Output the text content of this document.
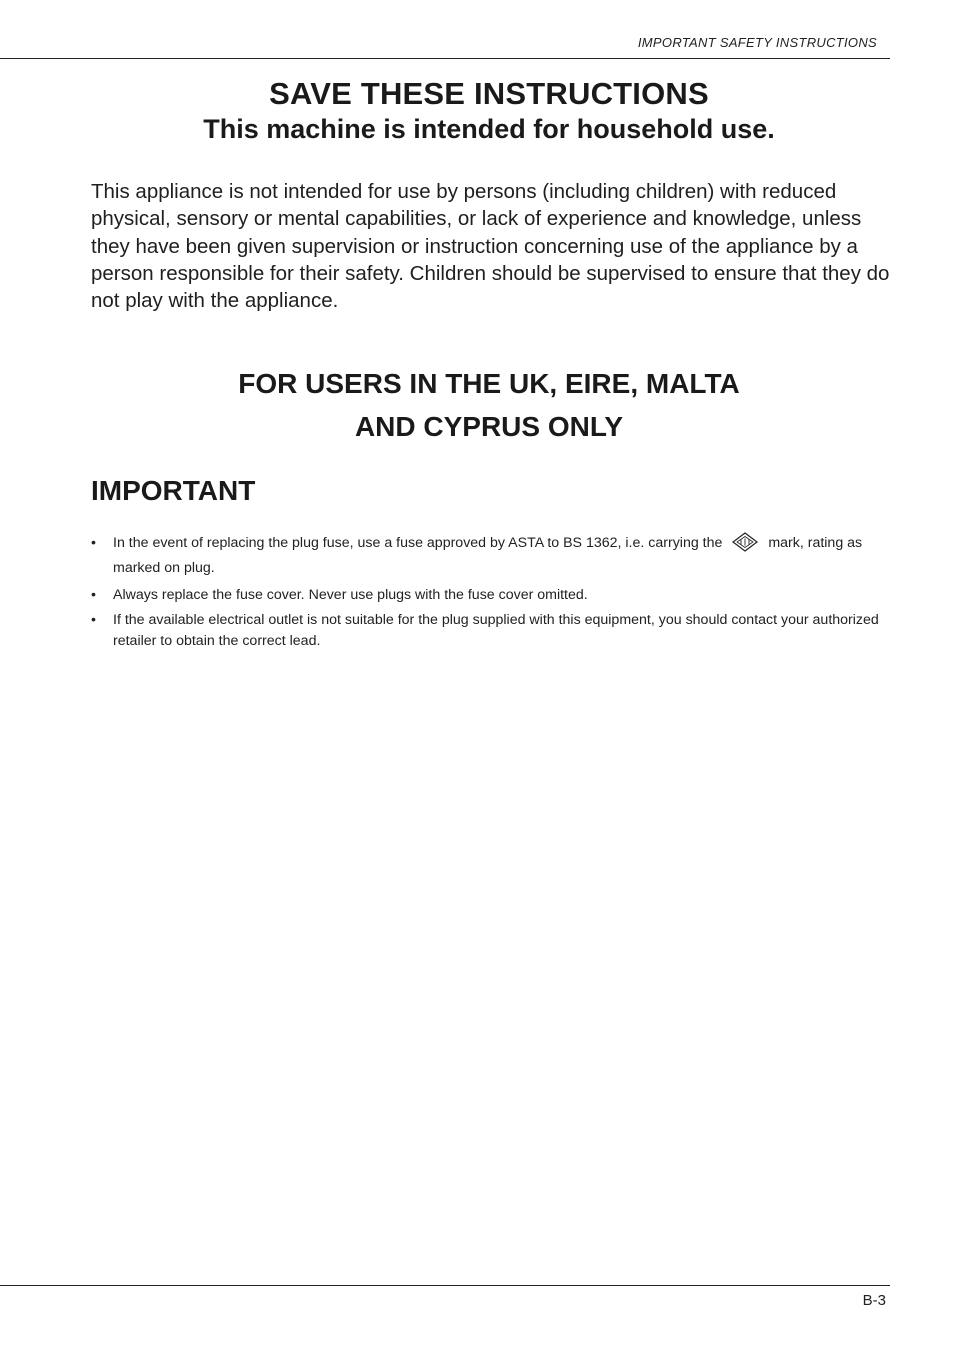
IMPORTANT SAFETY INSTRUCTIONS
SAVE THESE INSTRUCTIONS
This machine is intended for household use.

This appliance is not intended for use by persons (including children) with reduced physical, sensory or mental capabilities, or lack of experience and knowledge, unless they have been given supervision or instruction concerning use of the appliance by a person responsible for their safety. Children should be supervised to ensure that they do not play with the appliance.

FOR USERS IN THE UK, EIRE, MALTA
AND CYPRUS ONLY
IMPORTANT
• In the event of replacing the plug fuse, use a fuse approved by ASTA to BS 1362, i.e. carrying the	mark, rating as marked on plug.
• Always replace the fuse cover. Never use plugs with the fuse cover omitted.
• If the available electrical outlet is not suitable for the plug supplied with this equipment, you should contact your authorized retailer to obtain the correct lead.
B-3
